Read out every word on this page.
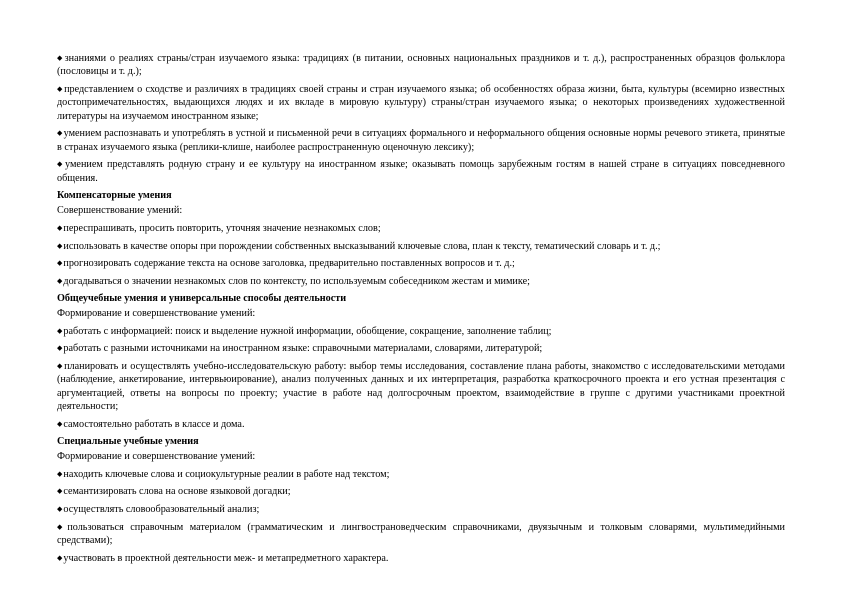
◆знаниями о реалиях страны/стран изучаемого языка: традициях (в питании, основных национальных праздников и т. д.), распространенных образцов фольклора (пословицы и т. д.);
◆представлением о сходстве и различиях в традициях своей страны и стран изучаемого языка; об особенностях образа жизни, быта, культуры (всемирно известных достопримечательностях, выдающихся людях и их вкладе в мировую культуру) страны/стран изучаемого языка; о некоторых произведениях художественной литературы на изучаемом иностранном языке;
◆умением распознавать и употреблять в устной и письменной речи в ситуациях формального и неформального общения основные нормы речевого этикета, принятые в странах изучаемого языка (реплики-клише, наиболее распространенную оценочную лексику);
◆умением представлять родную страну и ее культуру на иностранном языке; оказывать помощь зарубежным гостям в нашей стране в ситуациях повседневного общения.
Компенсаторные умения
Совершенствование умений:
◆переспрашивать, просить повторить, уточняя значение незнакомых слов;
◆использовать в качестве опоры при порождении собственных высказываний ключевые слова, план к тексту, тематический словарь и т. д.;
◆прогнозировать содержание текста на основе заголовка, предварительно поставленных вопросов и т. д.;
◆догадываться о значении незнакомых слов по контексту, по используемым собеседником жестам и мимике;
Общеучебные умения и универсальные способы деятельности
Формирование и совершенствование умений:
◆работать с информацией: поиск и выделение нужной информации, обобщение, сокращение, заполнение таблиц;
◆работать с разными источниками на иностранном языке: справочными материалами, словарями, литературой;
◆планировать и осуществлять учебно-исследовательскую работу: выбор темы исследования, составление плана работы, знакомство с исследовательскими методами (наблюдение, анкетирование, интервьюирование), анализ полученных данных и их интерпретация, разработка краткосрочного проекта и его устная презентация с аргументацией, ответы на вопросы по проекту; участие в работе над долгосрочным проектом, взаимодействие в группе с другими участниками проектной деятельности;
◆самостоятельно работать в классе и дома.
Специальные учебные умения
Формирование и совершенствование умений:
◆находить ключевые слова и социокультурные реалии в работе над текстом;
◆семантизировать слова на основе языковой догадки;
◆осуществлять словообразовательный анализ;
◆пользоваться справочным материалом (грамматическим и лингвострановедческим справочниками, двуязычным и толковым словарями, мультимедийными средствами);
◆участвовать в проектной деятельности меж- и метапредметного характера.
